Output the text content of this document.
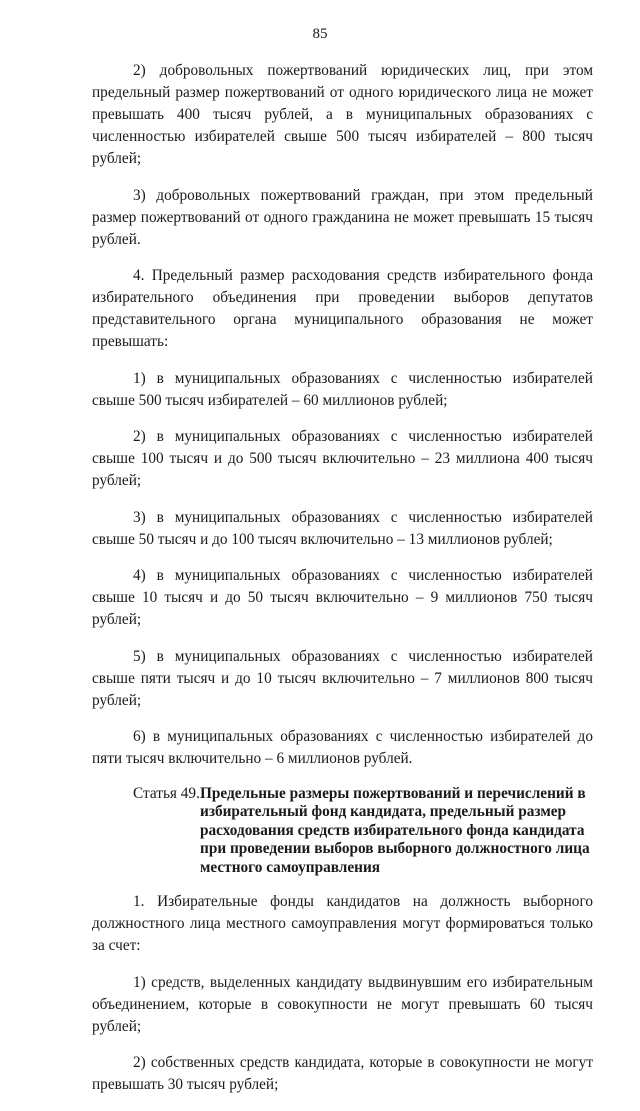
85

2) добровольных пожертвований юридических лиц, при этом предельный размер пожертвований от одного юридического лица не может превышать 400 тысяч рублей, а в муниципальных образованиях с численностью избирателей свыше 500 тысяч избирателей – 800 тысяч рублей;

3) добровольных пожертвований граждан, при этом предельный размер пожертвований от одного гражданина не может превышать 15 тысяч рублей.

4. Предельный размер расходования средств избирательного фонда избирательного объединения при проведении выборов депутатов представительного органа муниципального образования не может превышать:

1) в муниципальных образованиях с численностью избирателей свыше 500 тысяч избирателей – 60 миллионов рублей;

2) в муниципальных образованиях с численностью избирателей свыше 100 тысяч и до 500 тысяч включительно – 23 миллиона 400 тысяч рублей;

3) в муниципальных образованиях с численностью избирателей свыше 50 тысяч и до 100 тысяч включительно – 13 миллионов рублей;

4) в муниципальных образованиях с численностью избирателей свыше 10 тысяч и до 50 тысяч включительно – 9 миллионов 750 тысяч рублей;

5) в муниципальных образованиях с численностью избирателей свыше пяти тысяч и до 10 тысяч включительно – 7 миллионов 800 тысяч рублей;

6) в муниципальных образованиях с численностью избирателей до пяти тысяч включительно – 6 миллионов рублей.

Статья 49. Предельные размеры пожертвований и перечислений в избирательный фонд кандидата, предельный размер расходования средств избирательного фонда кандидата при проведении выборов выборного должностного лица местного самоуправления

1. Избирательные фонды кандидатов на должность выборного должностного лица местного самоуправления могут формироваться только за счет:

1) средств, выделенных кандидату выдвинувшим его избирательным объединением, которые в совокупности не могут превышать 60 тысяч рублей;

2) собственных средств кандидата, которые в совокупности не могут превышать 30 тысяч рублей;
